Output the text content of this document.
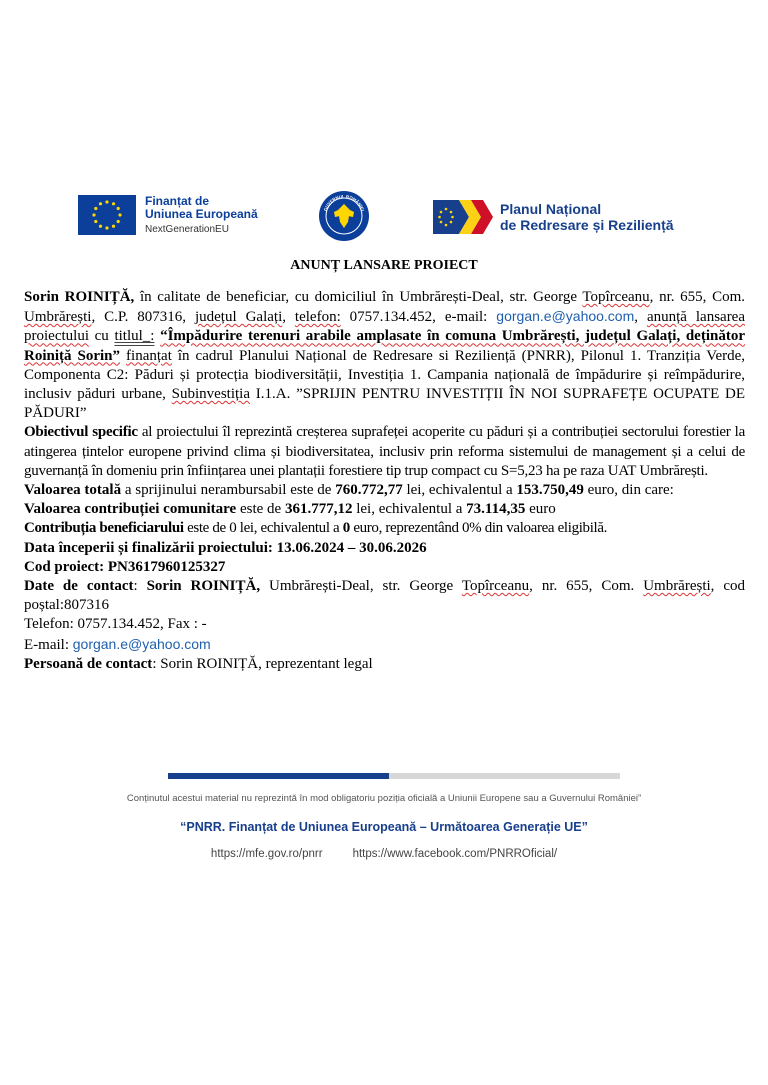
Finanțat de
Uniunea Europeană
NextGenerationEU
GUVERNUL ROMÂNIEI	Planul Național
de Redresare și Reziliență
ANUNȚ LANSARE PROIECT

Sorin ROINIȚĂ, în calitate de beneficiar, cu domiciliul în Umbrărești-Deal, str. George Topîrceanu, nr. 655, Com. Umbrărești, C.P. 807316, județul Galați, telefon: 0757.134.452, e-mail: gorgan.e@yahoo.com, anunță lansarea proiectului cu titlul_: “Împădurire terenuri arabile amplasate în comuna Umbrărești, județul Galați, deținător Roiniță Sorin” finanțat în cadrul Planului Național de Redresare si Reziliență (PNRR), Pilonul 1. Tranziția Verde, Componenta C2: Păduri și protecția biodiversității, Investiția 1. Campania națională de împădurire și reîmpădurire, inclusiv păduri urbane, Subinvestiția I.1.A. ”SPRIJIN PENTRU INVESTIȚII ÎN NOI SUPRAFEȚE OCUPATE DE PĂDURI”

Obiectivul specific al proiectului îl reprezintă creșterea suprafeței acoperite cu păduri și a contribuției sectorului forestier la atingerea țintelor europene privind clima și biodiversitatea, inclusiv prin reforma sistemului de management și a celui de guvernanță în domeniu prin înființarea unei plantații forestiere tip trup compact cu S=5,23 ha pe raza UAT Umbrărești.

Valoarea totală a sprijinului nerambursabil este de 760.772,77 lei, echivalentul a 153.750,49 euro, din care:

Valoarea contribuției comunitare este de 361.777,12 lei, echivalentul a 73.114,35 euro

Contribuția beneficiarului este de 0 lei, echivalentul a 0 euro, reprezentând 0% din valoarea eligibilă.

Data începerii și finalizării proiectului: 13.06.2024 – 30.06.2026

Cod proiect: PN3617960125327

Date de contact: Sorin ROINIȚĂ, Umbrărești-Deal, str. George Topîrceanu, nr. 655, Com. Umbrărești, cod poștal:807316

Telefon: 0757.134.452, Fax : -

E-mail: gorgan.e@yahoo.com

Persoană de contact: Sorin ROINIȚĂ, reprezentant legal

Conținutul acestui material nu reprezintă în mod obligatoriu poziția oficială a Uniunii Europene sau a Guvernului României”
“PNRR. Finanțat de Uniunea Europeană – Următoarea Generație UE”
https://mfe.gov.ro/pnrr	https://www.facebook.com/PNRROficial/
